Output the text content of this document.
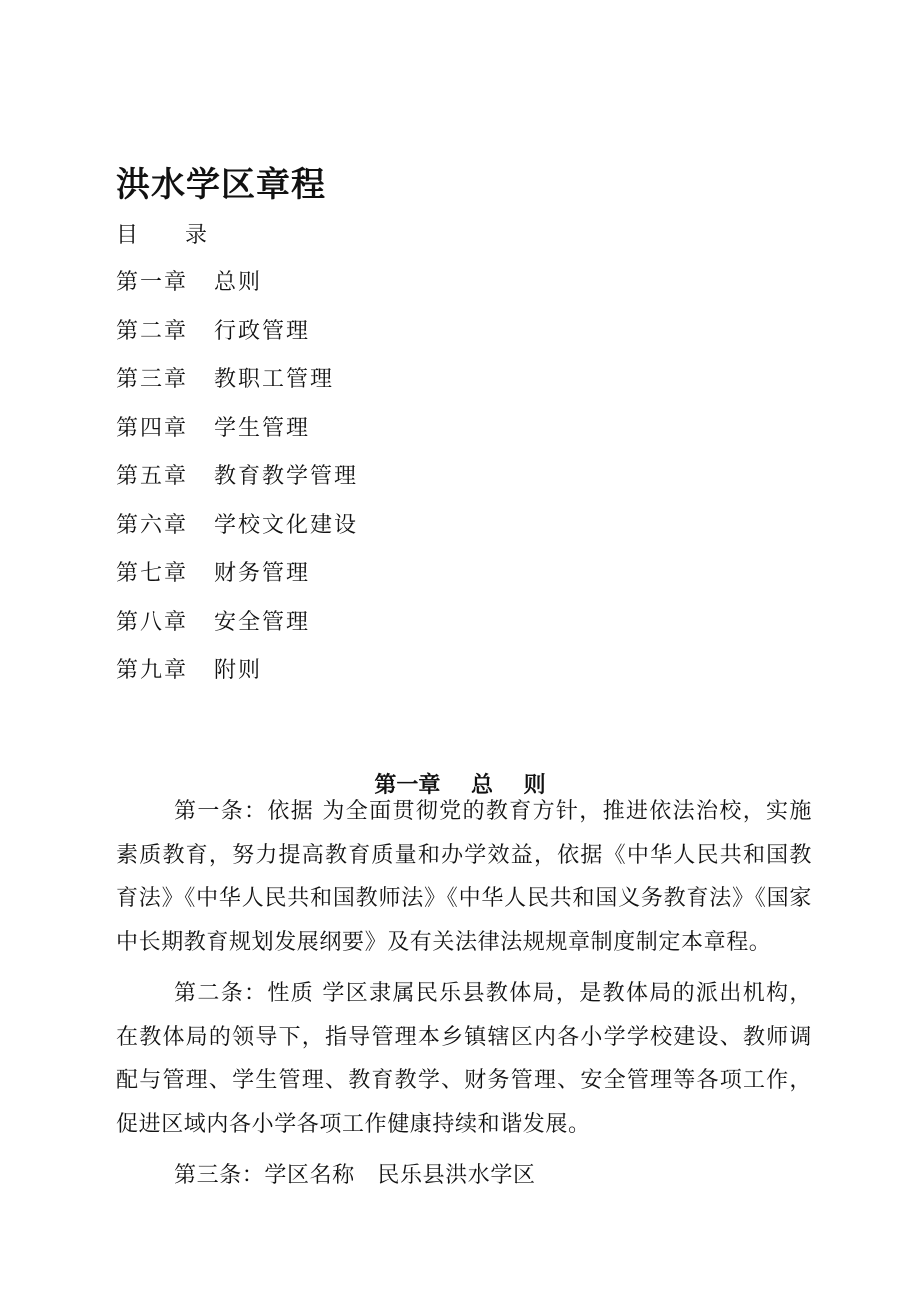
洪水学区章程
目 录
第一章 总则
第二章 行政管理
第三章 教职工管理
第四章 学生管理
第五章 教育教学管理
第六章 学校文化建设
第七章 财务管理
第八章 安全管理
第九章 附则
第一章    总    则

第一条：依据 为全面贯彻党的教育方针，推进依法治校，实施素质教育，努力提高教育质量和办学效益，依据《中华人民共和国教育法》《中华人民共和国教师法》《中华人民共和国义务教育法》《国家中长期教育规划发展纲要》及有关法律法规规章制度制定本章程。

第二条：性质 学区隶属民乐县教体局，是教体局的派出机构，在教体局的领导下，指导管理本乡镇辖区内各小学学校建设、教师调配与管理、学生管理、教育教学、财务管理、安全管理等各项工作，促进区域内各小学各项工作健康持续和谐发展。

第三条：学区名称　民乐县洪水学区
